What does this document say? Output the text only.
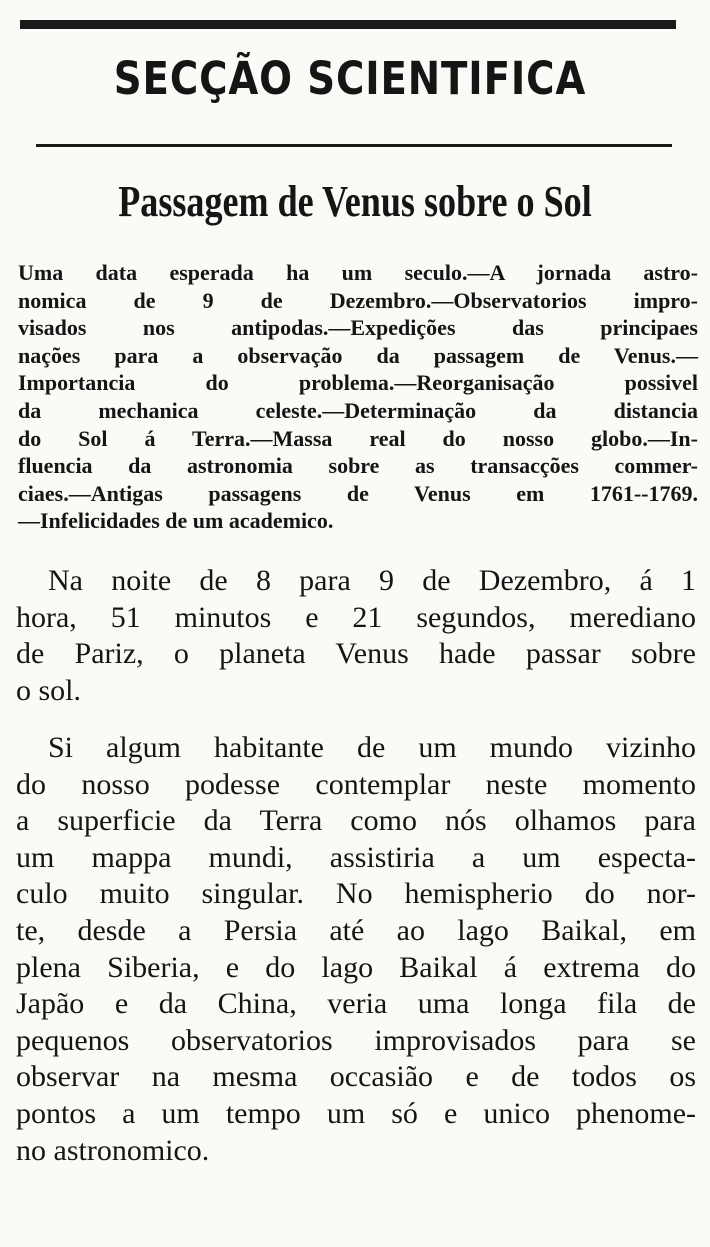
SECÇÃO SCIENTIFICA
Passagem de Venus sobre o Sol
Uma data esperada ha um seculo.—A jornada astro-
nomica de 9 de Dezembro.—Observatorios impro-
visados nos antipodas.—Expedições das principaes
nações para a observação da passagem de Venus.—
Importancia do problema.—Reorganisação possivel
da mechanica celeste.—Determinação da distancia
do Sol á Terra.—Massa real do nosso globo.—In-
fluencia da astronomia sobre as transacções commer-
ciaes.—Antigas passagens de Venus em 1761--1769.
—Infelicidades de um academico.
Na noite de 8 para 9 de Dezembro, á 1
hora, 51 minutos e 21 segundos, merediano
de Pariz, o planeta Venus hade passar sobre
o sol.
Si algum habitante de um mundo vizinho
do nosso podesse contemplar neste momento
a superficie da Terra como nós olhamos para
um mappa mundi, assistiria a um especta-
culo muito singular. No hemispherio do nor-
te, desde a Persia até ao lago Baikal, em
plena Siberia, e do lago Baikal á extrema do
Japão e da China, veria uma longa fila de
pequenos observatorios improvisados para se
observar na mesma occasião e de todos os
pontos a um tempo um só e unico phenome-
no astronomico.
